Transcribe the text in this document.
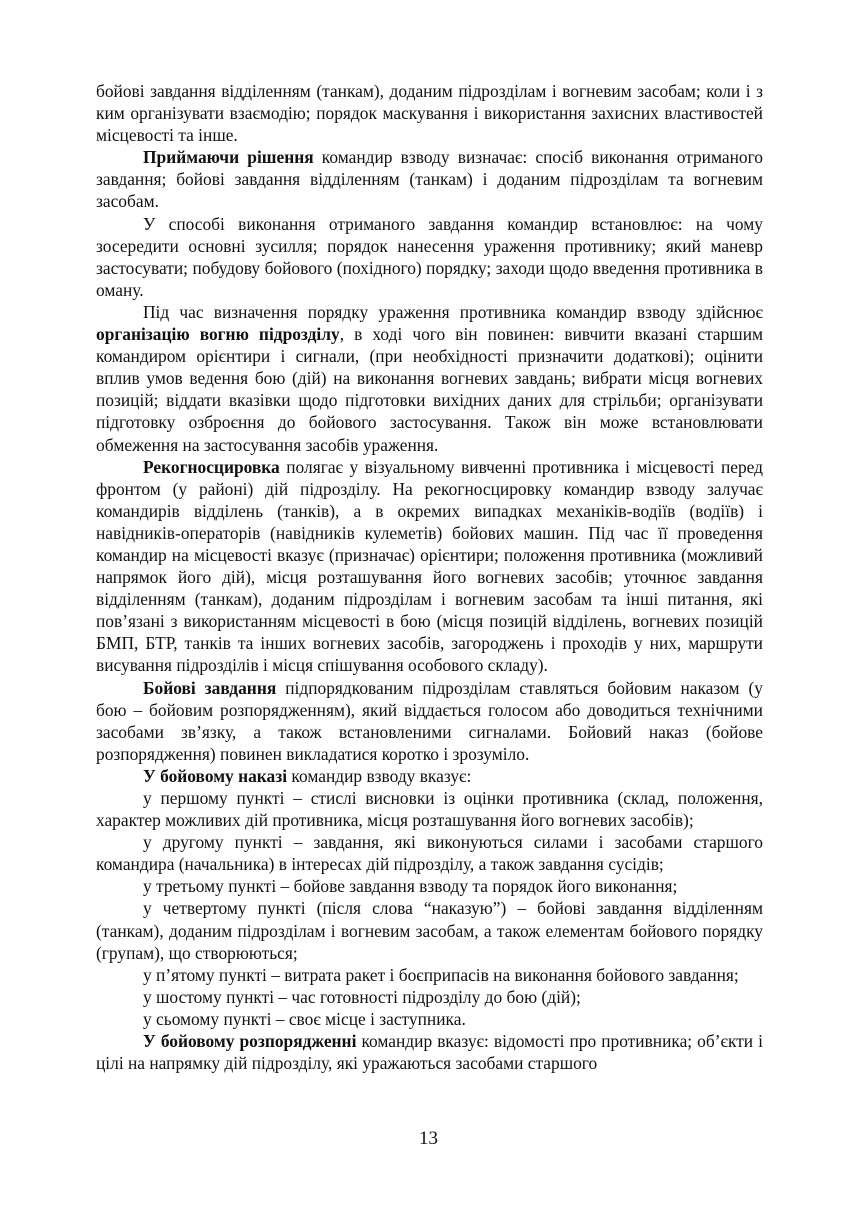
бойові завдання відділенням (танкам), доданим підрозділам і вогневим засобам; коли і з ким організувати взаємодію; порядок маскування і використання захисних властивостей місцевості та інше.

Приймаючи рішення командир взводу визначає: спосіб виконання отриманого завдання; бойові завдання відділенням (танкам) і доданим підрозділам та вогневим засобам.

У способі виконання отриманого завдання командир встановлює: на чому зосередити основні зусилля; порядок нанесення ураження противнику; який маневр застосувати; побудову бойового (похідного) порядку; заходи щодо введення противника в оману.

Під час визначення порядку ураження противника командир взводу здійснює організацію вогню підрозділу, в ході чого він повинен: вивчити вказані старшим командиром орієнтири і сигнали, (при необхідності призначити додаткові); оцінити вплив умов ведення бою (дій) на виконання вогневих завдань; вибрати місця вогневих позицій; віддати вказівки щодо підготовки вихідних даних для стрільби; організувати підготовку озброєння до бойового застосування. Також він може встановлювати обмеження на застосування засобів ураження.

Рекогносцировка полягає у візуальному вивченні противника і місцевості перед фронтом (у районі) дій підрозділу. На рекогносцировку командир взводу залучає командирів відділень (танків), а в окремих випадках механіків-водіїв (водіїв) і навідників-операторів (навідників кулеметів) бойових машин. Під час її проведення командир на місцевості вказує (призначає) орієнтири; положення противника (можливий напрямок його дій), місця розташування його вогневих засобів; уточнює завдання відділенням (танкам), доданим підрозділам і вогневим засобам та інші питання, які пов’язані з використанням місцевості в бою (місця позицій відділень, вогневих позицій БМП, БТР, танків та інших вогневих засобів, загороджень і проходів у них, маршрути висування підрозділів і місця спішування особового складу).

Бойові завдання підпорядкованим підрозділам ставляться бойовим наказом (у бою – бойовим розпорядженням), який віддається голосом або доводиться технічними засобами зв’язку, а також встановленими сигналами. Бойовий наказ (бойове розпорядження) повинен викладатися коротко і зрозуміло.

У бойовому наказі командир взводу вказує:

у першому пункті – стислі висновки із оцінки противника (склад, положення, характер можливих дій противника, місця розташування його вогневих засобів);

у другому пункті – завдання, які виконуються силами і засобами старшого командира (начальника) в інтересах дій підрозділу, а також завдання сусідів;

у третьому пункті – бойове завдання взводу та порядок його виконання;

у четвертому пункті (після слова “наказую”) – бойові завдання відділенням (танкам), доданим підрозділам і вогневим засобам, а також елементам бойового порядку (групам), що створюються;

у п’ятому пункті – витрата ракет і боєприпасів на виконання бойового завдання;

у шостому пункті – час готовності підрозділу до бою (дій);

у сьомому пункті – своє місце і заступника.

У бойовому розпорядженні командир вказує: відомості про противника; об’єкти і цілі на напрямку дій підрозділу, які уражаються засобами старшого

13
